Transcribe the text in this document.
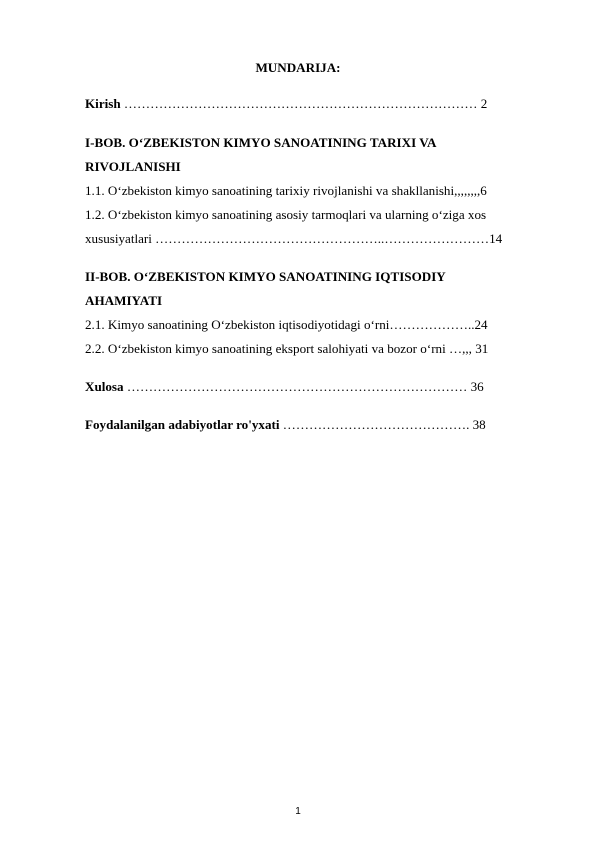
MUNDARIJA:
Kirish ……………………………………………………………………… 2
I-BOB. O‘ZBEKISTON KIMYO SANOATINING TARIXI VA
RIVOJLANISHI
1.1. O‘zbekiston kimyo sanoatining tarixiy rivojlanishi va shakllanishi,,,,,,,,6
1.2. O‘zbekiston kimyo sanoatining asosiy tarmoqlari va ularning o‘ziga xos
xususiyatlari ……………………………………………..……………………14
II-BOB. O‘ZBEKISTON KIMYO SANOATINING IQTISODIY
AHAMIYATI
2.1. Kimyo sanoatining O‘zbekiston iqtisodiyotidagi o‘rni………………..24
2.2. O‘zbekiston kimyo sanoatining eksport salohiyati va bozor o‘rni …,,, 31
Xulosa …………………………………………………………………… 36
Foydalanilgan adabiyotlar ro'yxati ……………………………………. 38
1
